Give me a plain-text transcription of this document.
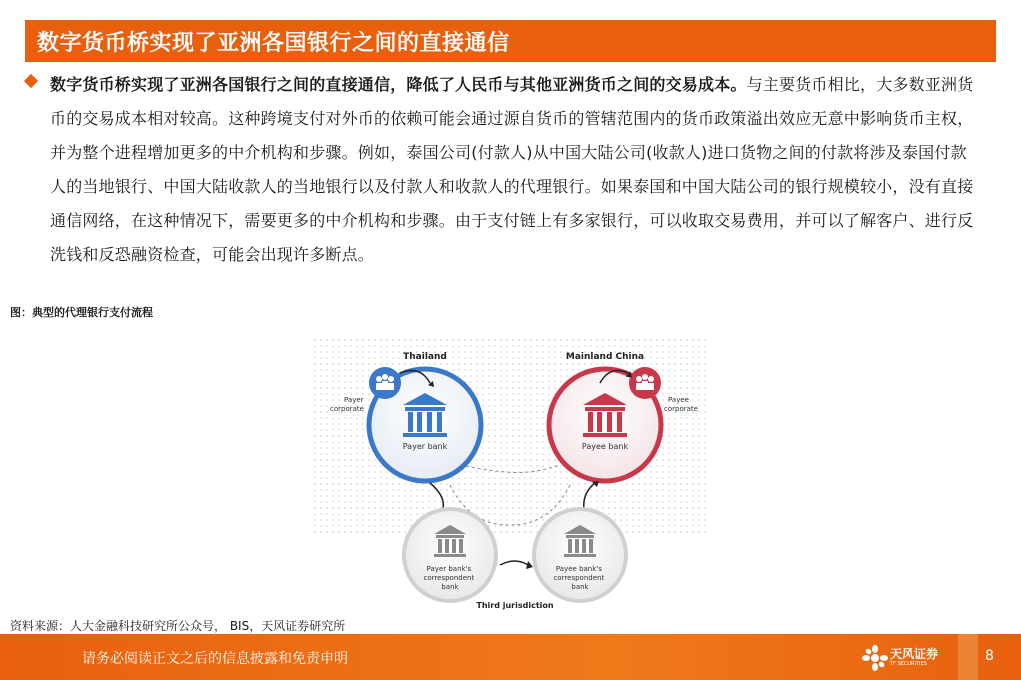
数字货币桥实现了亚洲各国银行之间的直接通信
数字货币桥实现了亚洲各国银行之间的直接通信，降低了人民币与其他亚洲货币之间的交易成本。与主要货币相比，大多数亚洲货币的交易成本相对较高。这种跨境支付对外币的依赖可能会通过源自货币的管辖范围内的货币政策溢出效应无意中影响货币主权，并为整个进程增加更多的中介机构和步骤。例如，泰国公司(付款人)从中国大陆公司(收款人)进口货物之间的付款将涉及泰国付款人的当地银行、中国大陆收款人的当地银行以及付款人和收款人的代理银行。如果泰国和中国大陆公司的银行规模较小，没有直接通信网络，在这种情况下，需要更多的中介机构和步骤。由于支付链上有多家银行，可以收取交易费用，并可以了解客户、进行反洗钱和反恐融资检查，可能会出现许多断点。
图：典型的代理银行支付流程
Payer bank
Thailand
Payer corporate
Payee bank
Mainland China
Payee corporate
Payer bank's correspondent bank
Payee bank's correspondent bank
Third jurisdiction
资料来源：人大金融科技研究所公众号， BIS，天风证券研究所
请务必阅读正文之后的信息披露和免责申明	天风证券
TF SECURITIES	8
